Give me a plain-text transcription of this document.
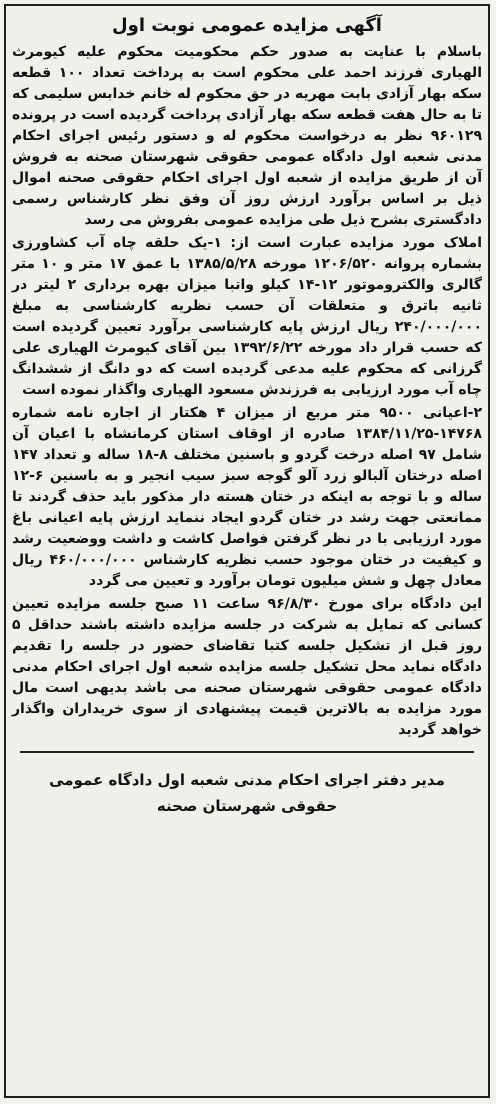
آگهی مزایده عمومی نوبت اول

باسلام با عنایت به صدور حکم محکومیت محکوم علیه کیومرث الهیاری فرزند احمد علی محکوم است به پرداخت تعداد ۱۰۰ قطعه سکه بهار آزادی بابت مهریه در حق محکوم له خانم خدابس سلیمی که تا به حال هفت قطعه سکه بهار آزادی پرداخت گردیده است در پرونده ۹۶۰۱۲۹ نظر به درخواست محکوم له و دستور رئیس اجرای احکام مدنی شعبه اول دادگاه عمومی حقوقی شهرستان صحنه به فروش آن از طریق مزایده از شعبه اول اجرای احکام حقوقی صحنه اموال ذیل بر اساس برآورد ارزش روز آن وفق نظر کارشناس رسمی دادگستری بشرح ذیل طی مزایده عمومی بفروش می رسد

املاک مورد مزایده عبارت است از: ۱-یک حلقه چاه آب کشاورزی بشماره پروانه ۱۲۰۶/۵۲۰ مورخه ۱۳۸۵/۵/۲۸ با عمق ۱۷ متر و ۱۰ متر گالری والکتروموتور ۱۲-۱۴ کیلو واتبا میزان بهره برداری ۲ لیتر در ثانیه باترق و متعلقات آن حسب نظریه کارشناسی به مبلغ ۲۴۰/۰۰۰/۰۰۰ ریال ارزش پایه کارشناسی برآورد تعیین گردیده است که حسب قرار داد مورخه ۱۳۹۲/۶/۲۲ بین آقای کیومرث الهیاری علی گرزانی که محکوم علیه مدعی گردیده است که دو دانگ از ششدانگ چاه آب مورد ارزیابی به فرزندش مسعود الهیاری واگذار نموده است

۲-اعیانی ۹۵۰۰ متر مربع از میزان ۴ هکتار از اجاره نامه شماره ۱۴۷۶۸-۱۳۸۴/۱۱/۲۵ صادره از اوقاف استان کرمانشاه با اعیان آن شامل ۹۷ اصله درخت گردو و باسنین مختلف ۸-۱۸ ساله و تعداد ۱۴۷ اصله درختان آلبالو زرد آلو گوجه سبز سیب انجیر و به باسنین ۶-۱۲ ساله و با توجه به اینکه در ختان هسته دار مذکور باید حذف گردند تا ممانعتی جهت رشد در ختان گردو ایجاد ننماید ارزش پایه اعیانی باغ مورد ارزیابی با در نظر گرفتن فواصل کاشت و داشت ووضعیت رشد و کیفیت در ختان موجود حسب نظریه کارشناس ۴۶۰/۰۰۰/۰۰۰ ریال معادل چهل و شش میلیون تومان برآورد و تعیین می گردد

این دادگاه برای مورخ ۹۶/۸/۳۰ ساعت ۱۱ صبح جلسه مزایده تعیین کسانی که تمایل به شرکت در جلسه مزایده داشته باشند حداقل ۵ روز قبل از تشکیل جلسه کتبا تقاضای حضور در جلسه را تقدیم دادگاه نماید محل تشکیل جلسه مزایده شعبه اول اجرای احکام مدنی دادگاه عمومی حقوقی شهرستان صحنه می باشد بدیهی است مال مورد مزایده به بالاترین قیمت پیشنهادی از سوی خریداران واگذار خواهد گردید

مدیر دفتر اجرای احکام مدنی شعبه اول دادگاه عمومی

حقوقی شهرستان صحنه
